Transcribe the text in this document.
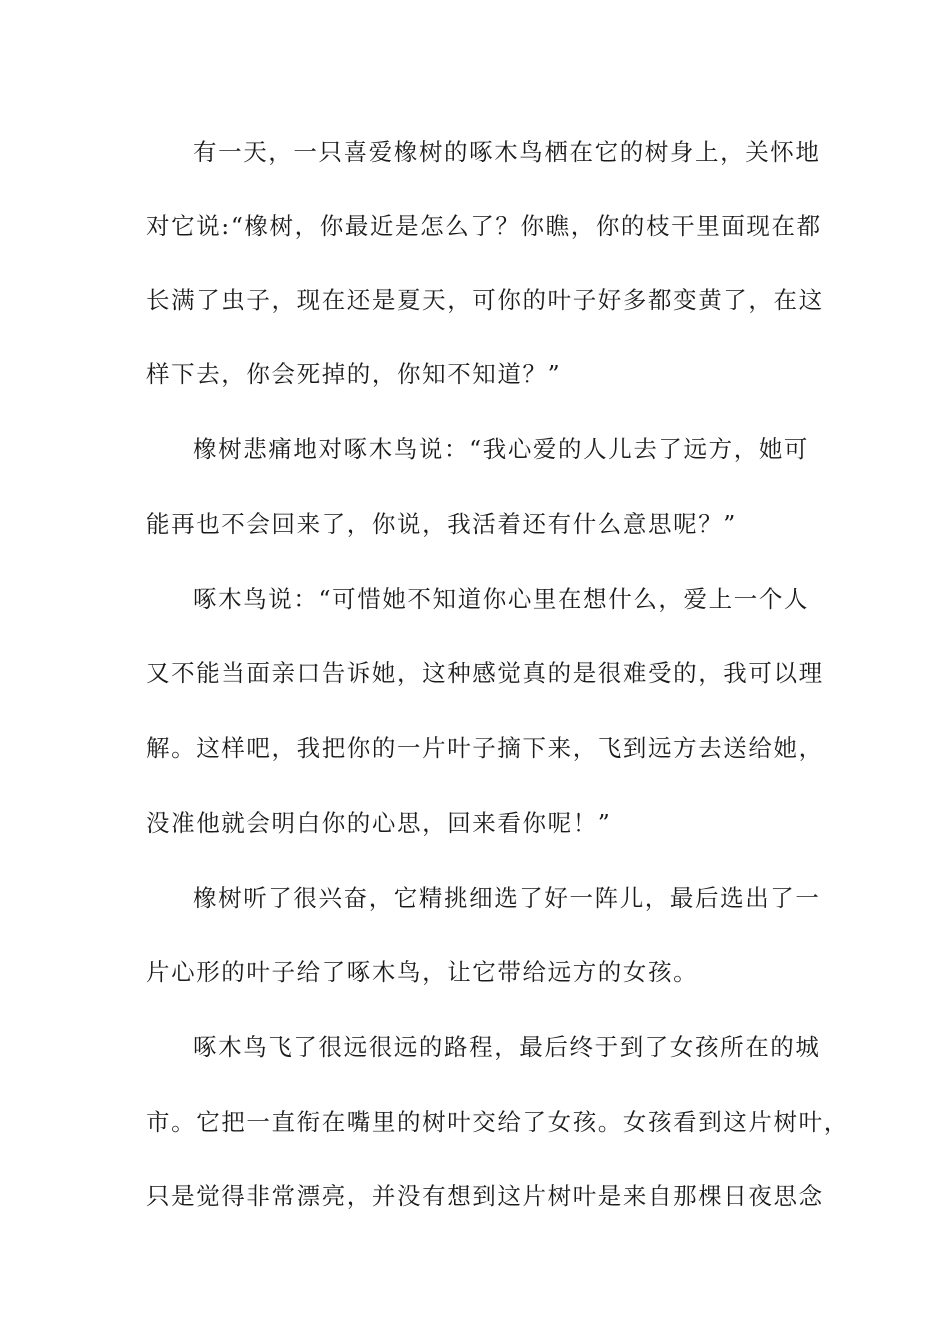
有一天，一只喜爱橡树的啄木鸟栖在它的树身上，关怀地
对它说:“橡树，你最近是怎么了？你瞧，你的枝干里面现在都
长满了虫子，现在还是夏天，可你的叶子好多都变黄了，在这
样下去，你会死掉的，你知不知道？”
橡树悲痛地对啄木鸟说：“我心爱的人儿去了远方，她可
能再也不会回来了，你说，我活着还有什么意思呢？”
啄木鸟说：“可惜她不知道你心里在想什么，爱上一个人
又不能当面亲口告诉她，这种感觉真的是很难受的，我可以理
解。这样吧，我把你的一片叶子摘下来，飞到远方去送给她，
没准他就会明白你的心思，回来看你呢！”
橡树听了很兴奋，它精挑细选了好一阵儿，最后选出了一
片心形的叶子给了啄木鸟，让它带给远方的女孩。
啄木鸟飞了很远很远的路程，最后终于到了女孩所在的城
市。它把一直衔在嘴里的树叶交给了女孩。女孩看到这片树叶，
只是觉得非常漂亮，并没有想到这片树叶是来自那棵日夜思念
